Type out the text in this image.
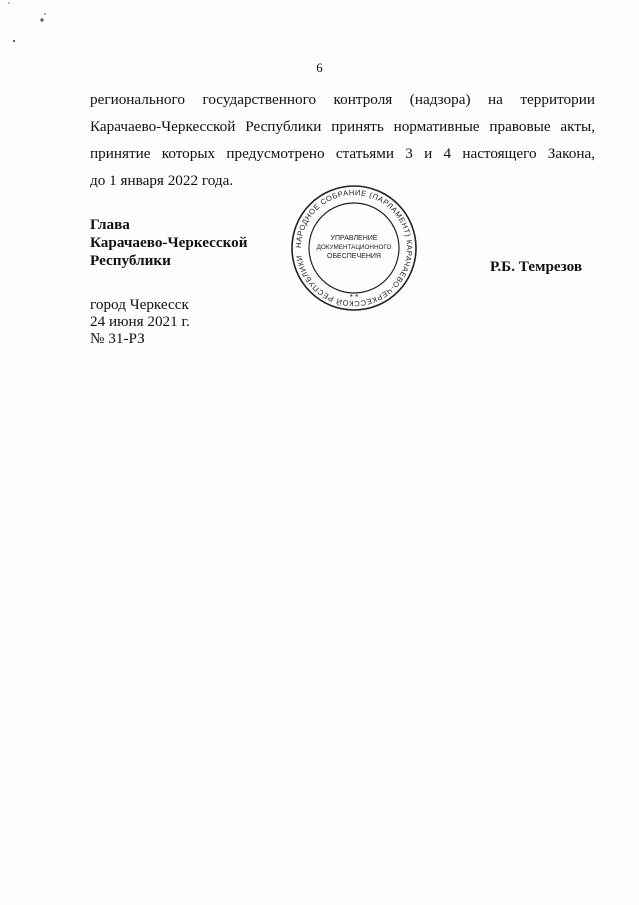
6
регионального государственного контроля (надзора) на территории
Карачаево-Черкесской Республики принять нормативные правовые акты,
принятие которых предусмотрено статьями 3 и 4 настоящего Закона,
до 1 января 2022 года.
Глава
Карачаево-Черкесской
Республики
НАРОДНОЕ СОБРАНИЕ (ПАРЛАМЕНТ) КАРАЧАЕВО-ЧЕРКЕССКОЙ РЕСПУБЛИКИ
УПРАВЛЕНИЕ
ДОКУМЕНТАЦИОННОГО
ОБЕСПЕЧЕНИЯ
* *
Р.Б. Темрезов
город Черкесск
24 июня 2021 г.
№ 31-РЗ
